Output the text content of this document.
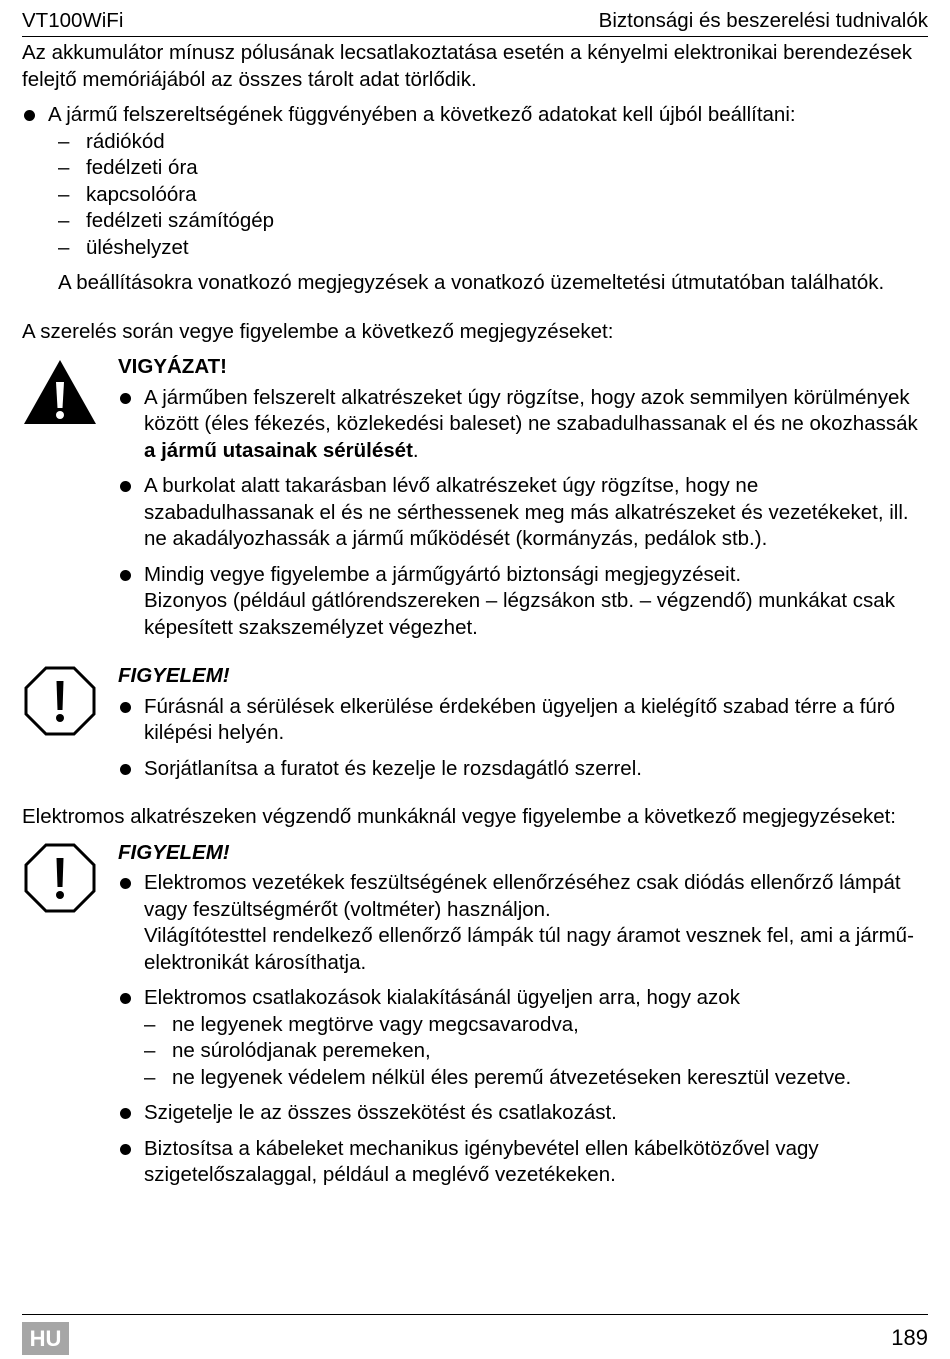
VT100WiFi	Biztonsági és beszerelési tudnivalók

Az akkumulátor mínusz pólusának lecsatlakoztatása esetén a kényelmi elektronikai berendezések felejtő memóriájából az összes tárolt adat törlődik.

A jármű felszereltségének függvényében a következő adatokat kell újból beállítani:

– rádiókód
– fedélzeti óra
– kapcsolóóra
– fedélzeti számítógép
– üléshelyzet

A beállításokra vonatkozó megjegyzések a vonatkozó üzemeltetési útmutatóban találhatók.

A szerelés során vegye figyelembe a következő megjegyzéseket:

VIGYÁZAT!

A járműben felszerelt alkatrészeket úgy rögzítse, hogy azok semmilyen körülmények között (éles fékezés, közlekedési baleset) ne szabadulhassanak el és ne okozhassák a jármű utasainak sérülését.

A burkolat alatt takarásban lévő alkatrészeket úgy rögzítse, hogy ne szabadulhassanak el és ne sérthessenek meg más alkatrészeket és vezetékeket, ill. ne akadályozhassák a jármű működését (kormányzás, pedálok stb.).

Mindig vegye figyelembe a járműgyártó biztonsági megjegyzéseit.

Bizonyos (például gátlórendszereken – légzsákon stb. – végzendő) munkákat csak képesített szakszemélyzet végezhet.

FIGYELEM!

Fúrásnál a sérülések elkerülése érdekében ügyeljen a kielégítő szabad térre a fúró kilépési helyén.

Sorjátlanítsa a furatot és kezelje le rozsdagátló szerrel.

Elektromos alkatrészeken végzendő munkáknál vegye figyelembe a következő megjegyzéseket:

FIGYELEM!

Elektromos vezetékek feszültségének ellenőrzéséhez csak diódás ellenőrző lámpát vagy feszültségmérőt (voltméter) használjon.

Világítótesttel rendelkező ellenőrző lámpák túl nagy áramot vesznek fel, ami a jármű-elektronikát károsíthatja.

Elektromos csatlakozások kialakításánál ügyeljen arra, hogy azok

– ne legyenek megtörve vagy megcsavarodva,
– ne súrolódjanak peremeken,
– ne legyenek védelem nélkül éles peremű átvezetéseken keresztül vezetve.

Szigetelje le az összes összekötést és csatlakozást.

Biztosítsa a kábeleket mechanikus igénybevétel ellen kábelkötözővel vagy szigetelőszalaggal, például a meglévő vezetékeken.

HU	189
